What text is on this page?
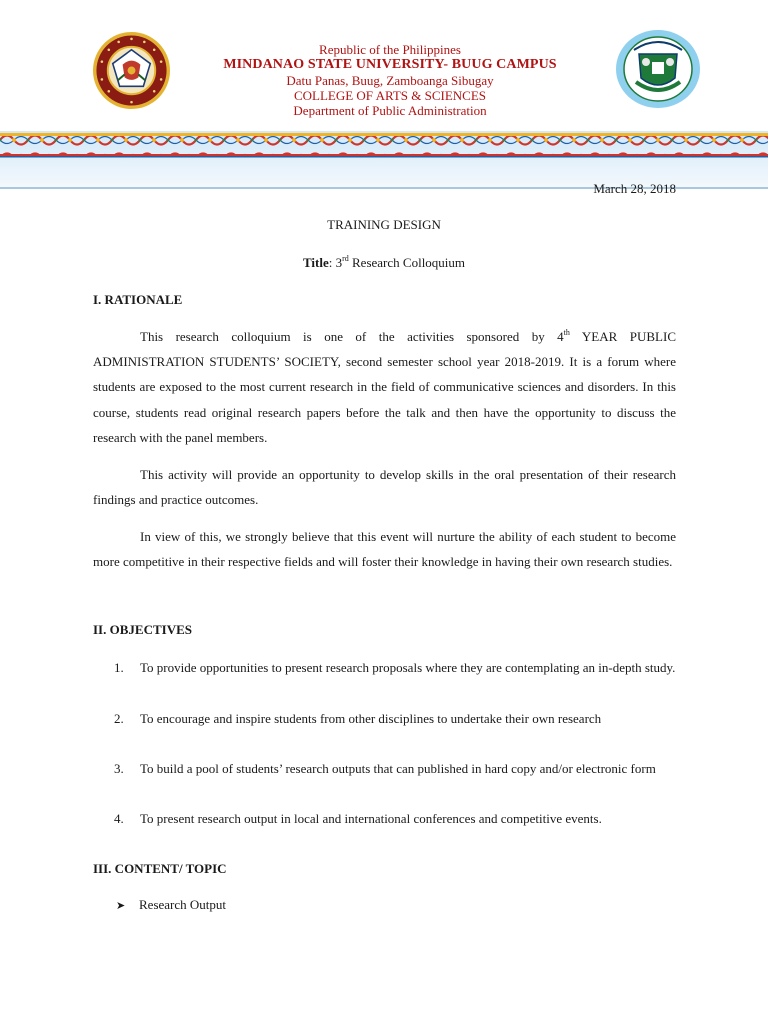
Republic of the Philippines
MINDANAO STATE UNIVERSITY- BUUG CAMPUS
Datu Panas, Buug, Zamboanga Sibugay
COLLEGE OF ARTS & SCIENCES
Department of Public Administration
March 28, 2018
TRAINING DESIGN
Title: 3rd Research Colloquium
I. RATIONALE
This research colloquium is one of the activities sponsored by 4th YEAR PUBLIC ADMINISTRATION STUDENTS’ SOCIETY, second semester school year 2018-2019. It is a forum where students are exposed to the most current research in the field of communicative sciences and disorders. In this course, students read original research papers before the talk and then have the opportunity to discuss the research with the panel members.
This activity will provide an opportunity to develop skills in the oral presentation of their research findings and practice outcomes.
In view of this, we strongly believe that this event will nurture the ability of each student to become more competitive in their respective fields and will foster their knowledge in having their own research studies.
II. OBJECTIVES
1.	To provide opportunities to present research proposals where they are contemplating an in-depth study.
2.	To encourage and inspire students from other disciplines to undertake their own research
3.	To build a pool of students’ research outputs that can published in hard copy and/or electronic form
4.	To present research output in local and international conferences and competitive events.
III. CONTENT/ TOPIC
➤ Research Output
